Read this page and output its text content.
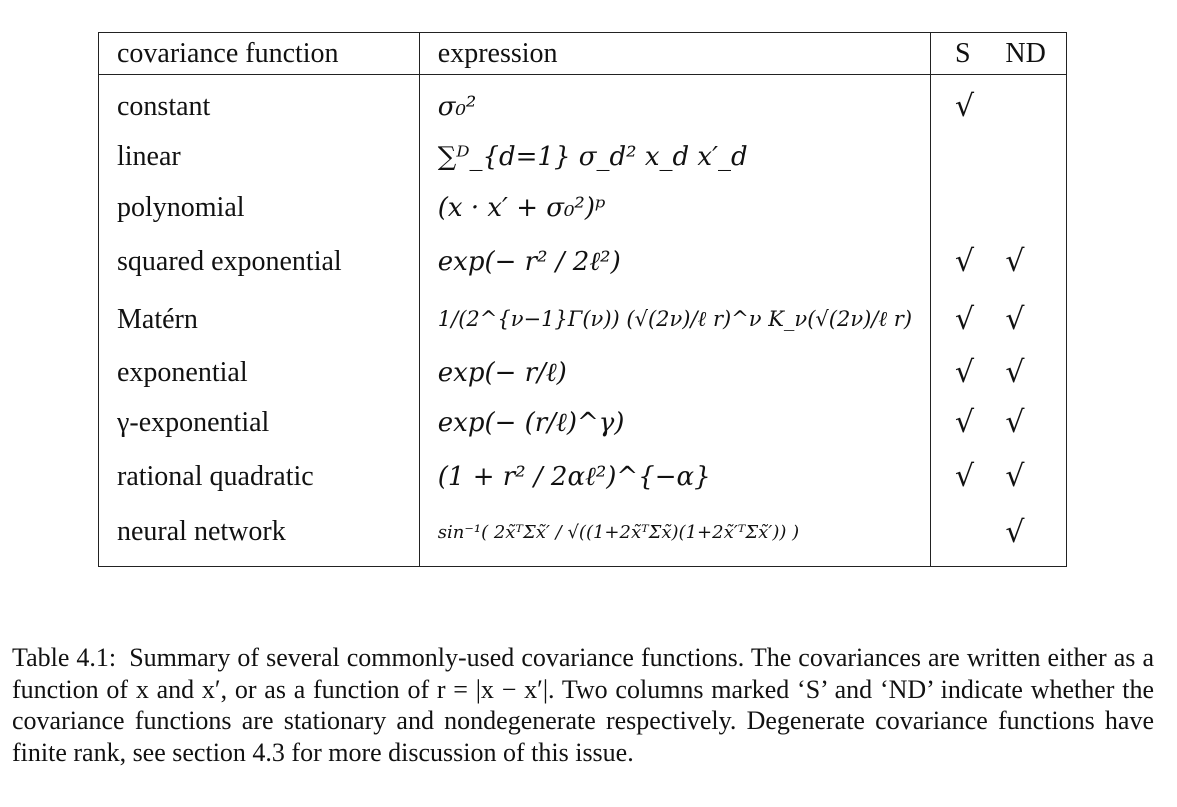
covariance function	expression	S	ND
constant	σ₀²	√	
linear	∑ᴰ_{d=1} σ_d² x_d x′_d		
polynomial	(x · x′ + σ₀²)ᵖ		
squared exponential	exp(− r² / 2ℓ²)	√	√
Matérn	1/(2^{ν−1}Γ(ν)) (√(2ν)/ℓ r)^ν K_ν(√(2ν)/ℓ r)	√	√
exponential	exp(− r/ℓ)	√	√
γ-exponential	exp(− (r/ℓ)^γ)	√	√
rational quadratic	(1 + r² / 2αℓ²)^{−α}	√	√
neural network	sin⁻¹( 2x̃ᵀΣx̃′ / √((1+2x̃ᵀΣx̃)(1+2x̃′ᵀΣx̃′)) )		√
Table 4.1: Summary of several commonly-used covariance functions. The covariances are written either as a function of x and x′, or as a function of r = |x − x′|. Two columns marked ‘S’ and ‘ND’ indicate whether the covariance functions are stationary and nondegenerate respectively. Degenerate covariance functions have finite rank, see section 4.3 for more discussion of this issue.
